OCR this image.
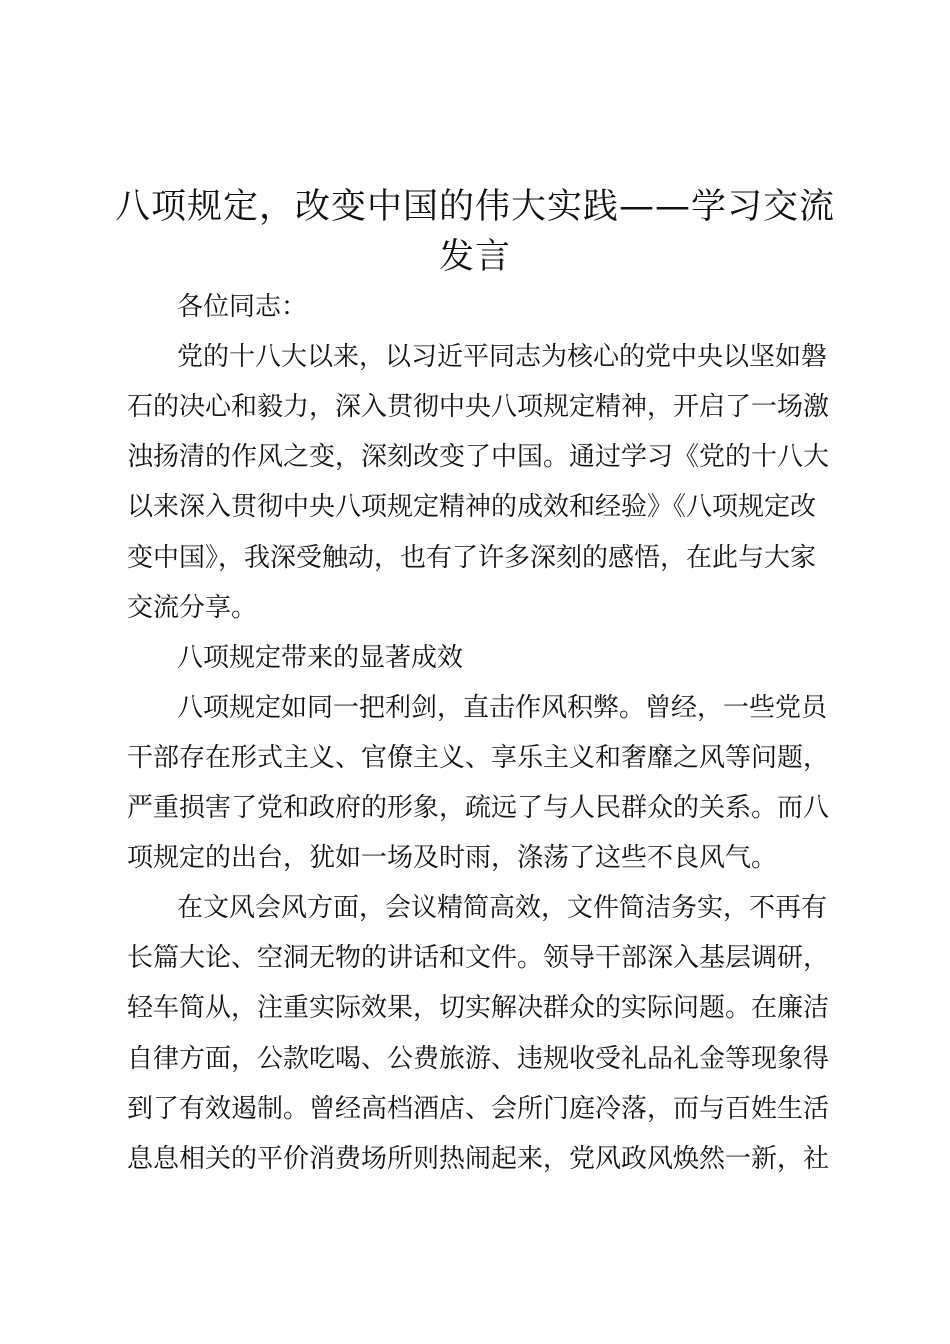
八项规定，改变中国的伟大实践——学习交流
发言
各位同志：
党的十八大以来，以习近平同志为核心的党中央以坚如磐
石的决心和毅力，深入贯彻中央八项规定精神，开启了一场激
浊扬清的作风之变，深刻改变了中国。通过学习《党的十八大
以来深入贯彻中央八项规定精神的成效和经验》《八项规定改
变中国》，我深受触动，也有了许多深刻的感悟，在此与大家
交流分享。
八项规定带来的显著成效
八项规定如同一把利剑，直击作风积弊。曾经，一些党员
干部存在形式主义、官僚主义、享乐主义和奢靡之风等问题，
严重损害了党和政府的形象，疏远了与人民群众的关系。而八
项规定的出台，犹如一场及时雨，涤荡了这些不良风气。
在文风会风方面，会议精简高效，文件简洁务实，不再有
长篇大论、空洞无物的讲话和文件。领导干部深入基层调研，
轻车简从，注重实际效果，切实解决群众的实际问题。在廉洁
自律方面，公款吃喝、公费旅游、违规收受礼品礼金等现象得
到了有效遏制。曾经高档酒店、会所门庭冷落，而与百姓生活
息息相关的平价消费场所则热闹起来，党风政风焕然一新，社
